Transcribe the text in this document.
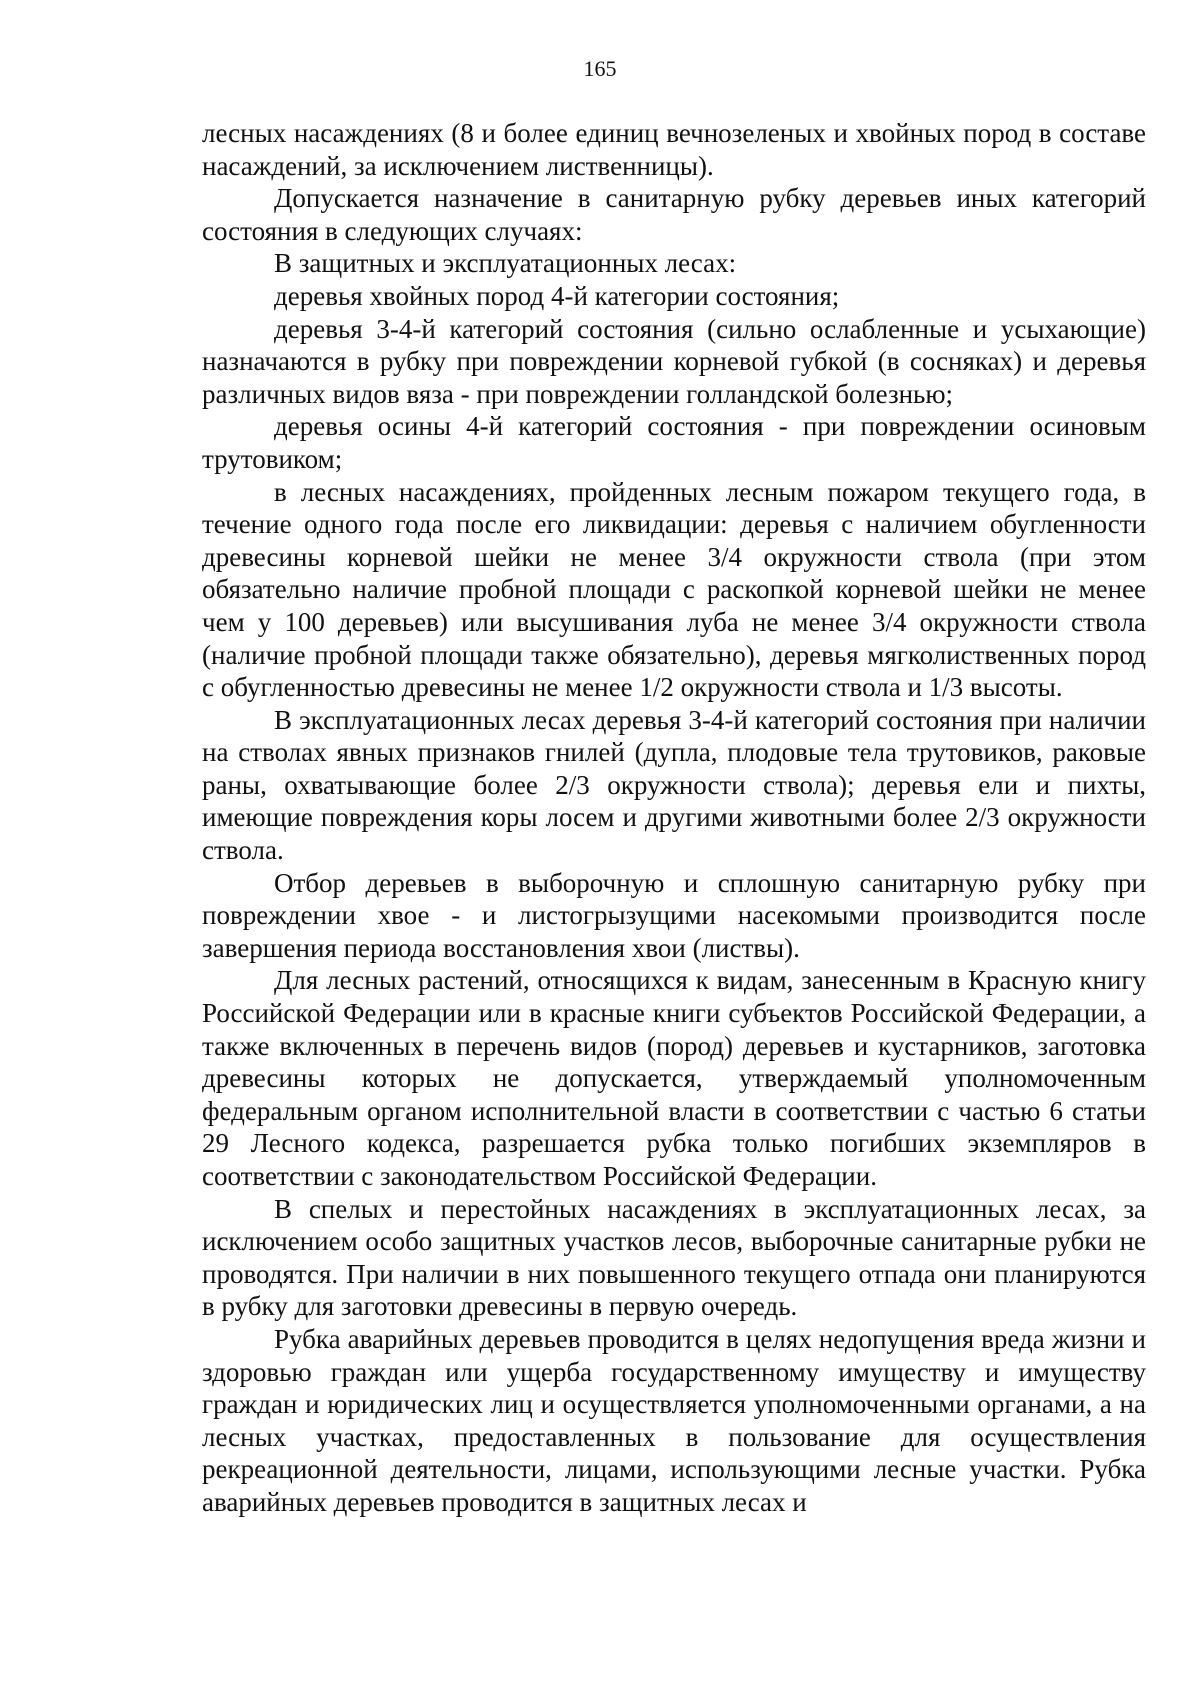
165

лесных насаждениях (8 и более единиц вечнозеленых и хвойных пород в составе насаждений, за исключением лиственницы).

Допускается назначение в санитарную рубку деревьев иных категорий состояния в следующих случаях:

В защитных и эксплуатационных лесах:

деревья хвойных пород 4-й категории состояния;

деревья 3-4-й категорий состояния (сильно ослабленные и усыхающие) назначаются в рубку при повреждении корневой губкой (в сосняках) и деревья различных видов вяза - при повреждении голландской болезнью;

деревья осины 4-й категорий состояния - при повреждении осиновым трутовиком;

в лесных насаждениях, пройденных лесным пожаром текущего года, в течение одного года после его ликвидации: деревья с наличием обугленности древесины корневой шейки не менее 3/4 окружности ствола (при этом обязательно наличие пробной площади с раскопкой корневой шейки не менее чем у 100 деревьев) или высушивания луба не менее 3/4 окружности ствола (наличие пробной площади также обязательно), деревья мягколиственных пород с обугленностью древесины не менее 1/2 окружности ствола и 1/3 высоты.

В эксплуатационных лесах деревья 3-4-й категорий состояния при наличии на стволах явных признаков гнилей (дупла, плодовые тела трутовиков, раковые раны, охватывающие более 2/3 окружности ствола); деревья ели и пихты, имеющие повреждения коры лосем и другими животными более 2/3 окружности ствола.

Отбор деревьев в выборочную и сплошную санитарную рубку при повреждении хвое - и листогрызущими насекомыми производится после завершения периода восстановления хвои (листвы).

Для лесных растений, относящихся к видам, занесенным в Красную книгу Российской Федерации или в красные книги субъектов Российской Федерации, а также включенных в перечень видов (пород) деревьев и кустарников, заготовка древесины которых не допускается, утверждаемый уполномоченным федеральным органом исполнительной власти в соответствии с частью 6 статьи 29 Лесного кодекса, разрешается рубка только погибших экземпляров в соответствии с законодательством Российской Федерации.

В спелых и перестойных насаждениях в эксплуатационных лесах, за исключением особо защитных участков лесов, выборочные санитарные рубки не проводятся. При наличии в них повышенного текущего отпада они планируются в рубку для заготовки древесины в первую очередь.

Рубка аварийных деревьев проводится в целях недопущения вреда жизни и здоровью граждан или ущерба государственному имуществу и имуществу граждан и юридических лиц и осуществляется уполномоченными органами, а на лесных участках, предоставленных в пользование для осуществления рекреационной деятельности, лицами, использующими лесные участки. Рубка аварийных деревьев проводится в защитных лесах и
